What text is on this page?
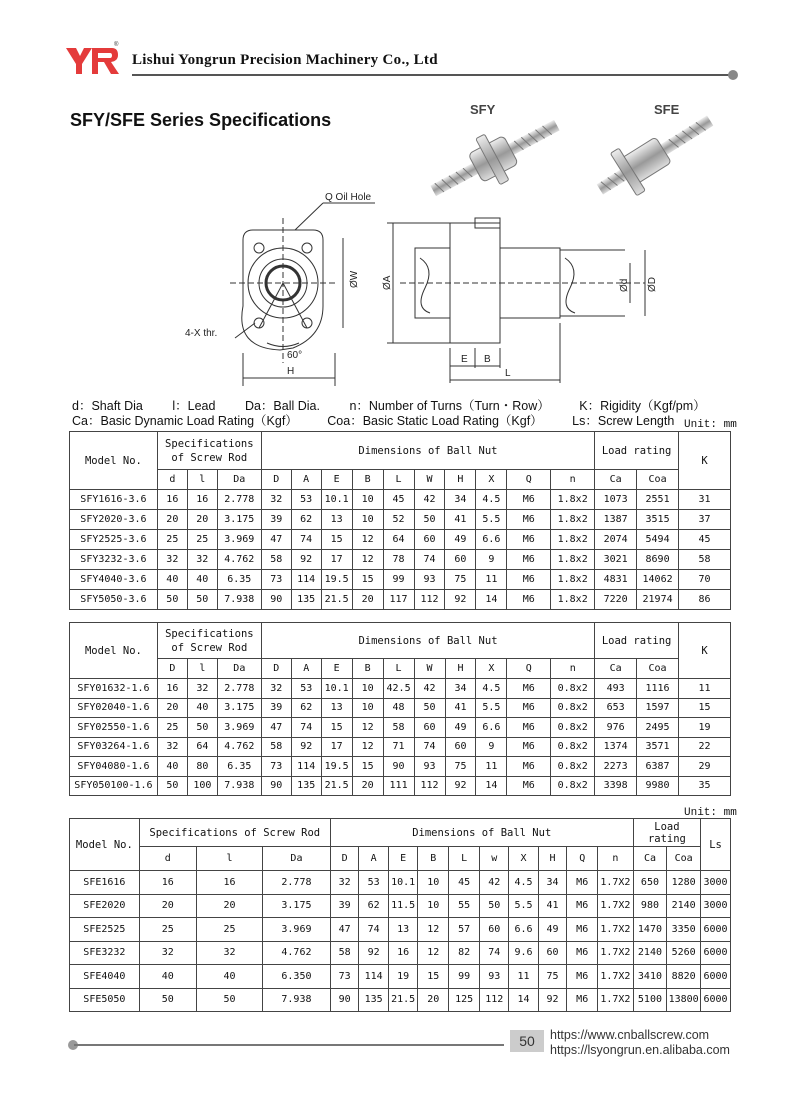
®
Lishui Yongrun Precision Machinery Co., Ltd
SFY/SFE Series Specifications
SFY	SFE
Q Oil Hole
4-X thr.
60°
H
E B
L
ØW ØA	Ød ØD
d：Shaft Dia l：Lead Da：Ball Dia. n：Number of Turns（Turn・Row） K：Rigidity（Kgf/pm）
Ca：Basic Dynamic Load Rating（Kgf） Coa：Basic Static Load Rating（Kgf） Ls：Screw Length Unit: mm
Model No.	Specifications of Screw Rod			Dimensions of Ball Nut										Load rating		K
	d	l	Da	D	A	E	B	L	W	H	X	Q	n	Ca	Coa	
SFY1616-3.6	16	16	2.778	32	53	10.1	10	45	42	34	4.5	M6	1.8x2	1073	2551	31
SFY2020-3.6	20	20	3.175	39	62	13	10	52	50	41	5.5	M6	1.8x2	1387	3515	37
SFY2525-3.6	25	25	3.969	47	74	15	12	64	60	49	6.6	M6	1.8x2	2074	5494	45
SFY3232-3.6	32	32	4.762	58	92	17	12	78	74	60	9	M6	1.8x2	3021	8690	58
SFY4040-3.6	40	40	6.35	73	114	19.5	15	99	93	75	11	M6	1.8x2	4831	14062	70
SFY5050-3.6	50	50	7.938	90	135	21.5	20	117	112	92	14	M6	1.8x2	7220	21974	86
Model No.	Specifications of Screw Rod			Dimensions of Ball Nut										Load rating		K
	D	l	Da	D	A	E	B	L	W	H	X	Q	n	Ca	Coa	
SFY01632-1.6	16	32	2.778	32	53	10.1	10	42.5	42	34	4.5	M6	0.8x2	493	1116	11
SFY02040-1.6	20	40	3.175	39	62	13	10	48	50	41	5.5	M6	0.8x2	653	1597	15
SFY02550-1.6	25	50	3.969	47	74	15	12	58	60	49	6.6	M6	0.8x2	976	2495	19
SFY03264-1.6	32	64	4.762	58	92	17	12	71	74	60	9	M6	0.8x2	1374	3571	22
SFY04080-1.6	40	80	6.35	73	114	19.5	15	90	93	75	11	M6	0.8x2	2273	6387	29
SFY050100-1.6	50	100	7.938	90	135	21.5	20	111	112	92	14	M6	0.8x2	3398	9980	35
Unit: mm
Model No.	Specifications of Screw Rod			Dimensions of Ball Nut										Load rating		Ls
	d	l	Da	D	A	E	B	L	w	X	H	Q	n	Ca	Coa	
SFE1616	16	16	2.778	32	53	10.1	10	45	42	4.5	34	M6	1.7X2	650	1280	3000
SFE2020	20	20	3.175	39	62	11.5	10	55	50	5.5	41	M6	1.7X2	980	2140	3000
SFE2525	25	25	3.969	47	74	13	12	57	60	6.6	49	M6	1.7X2	1470	3350	6000
SFE3232	32	32	4.762	58	92	16	12	82	74	9.6	60	M6	1.7X2	2140	5260	6000
SFE4040	40	40	6.350	73	114	19	15	99	93	11	75	M6	1.7X2	3410	8820	6000
SFE5050	50	50	7.938	90	135	21.5	20	125	112	14	92	M6	1.7X2	5100	13800	6000
50	https://www.cnballscrew.com
https://lsyongrun.en.alibaba.com
